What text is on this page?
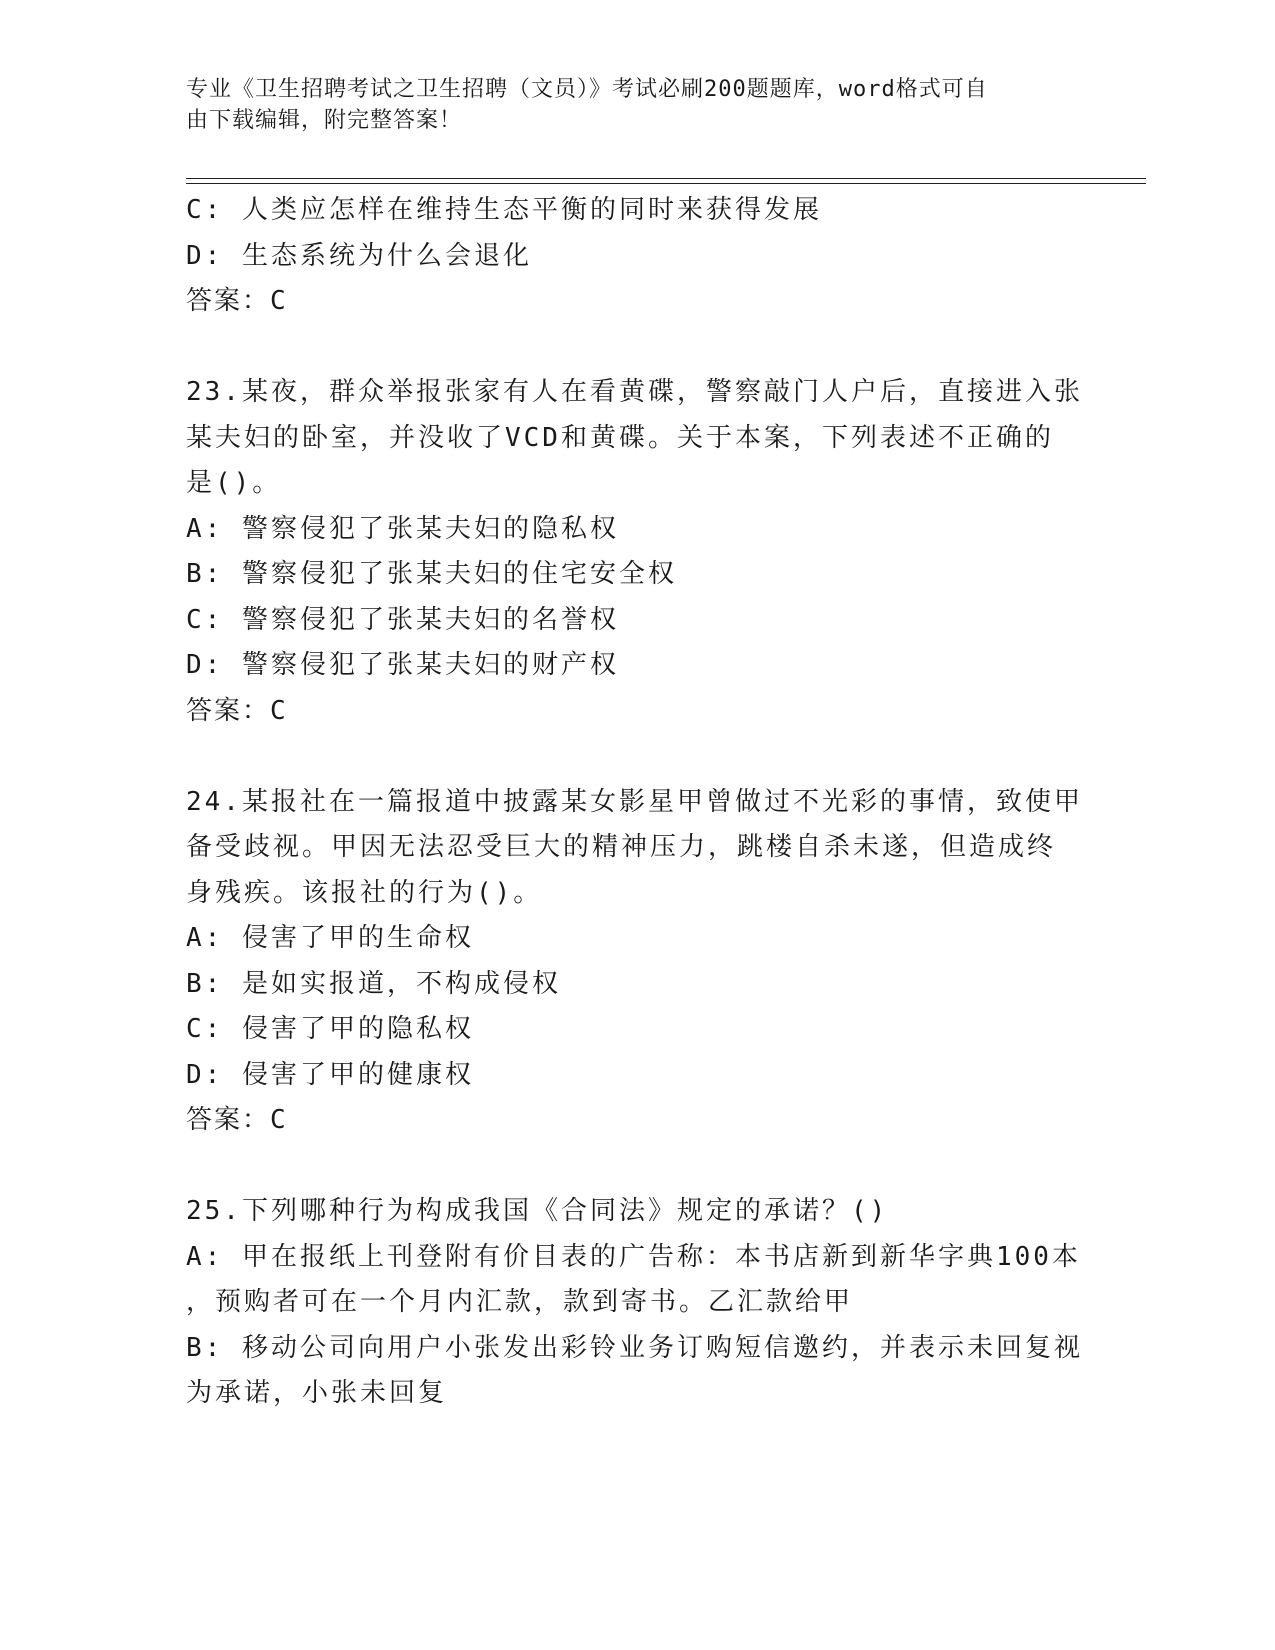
专业《卫生招聘考试之卫生招聘（文员）》考试必刷200题题库，word格式可自
由下载编辑，附完整答案！
C: 人类应怎样在维持生态平衡的同时来获得发展
D: 生态系统为什么会退化
答案：C
23.某夜，群众举报张家有人在看黄碟，警察敲门人户后，直接进入张
某夫妇的卧室，并没收了VCD和黄碟。关于本案，下列表述不正确的
是()。
A: 警察侵犯了张某夫妇的隐私权
B: 警察侵犯了张某夫妇的住宅安全权
C: 警察侵犯了张某夫妇的名誉权
D: 警察侵犯了张某夫妇的财产权
答案：C
24.某报社在一篇报道中披露某女影星甲曾做过不光彩的事情，致使甲
备受歧视。甲因无法忍受巨大的精神压力，跳楼自杀未遂，但造成终
身残疾。该报社的行为()。
A: 侵害了甲的生命权
B: 是如实报道，不构成侵权
C: 侵害了甲的隐私权
D: 侵害了甲的健康权
答案：C
25.下列哪种行为构成我国《合同法》规定的承诺？()
A: 甲在报纸上刊登附有价目表的广告称：本书店新到新华字典100本
，预购者可在一个月内汇款，款到寄书。乙汇款给甲
B: 移动公司向用户小张发出彩铃业务订购短信邀约，并表示未回复视
为承诺，小张未回复
